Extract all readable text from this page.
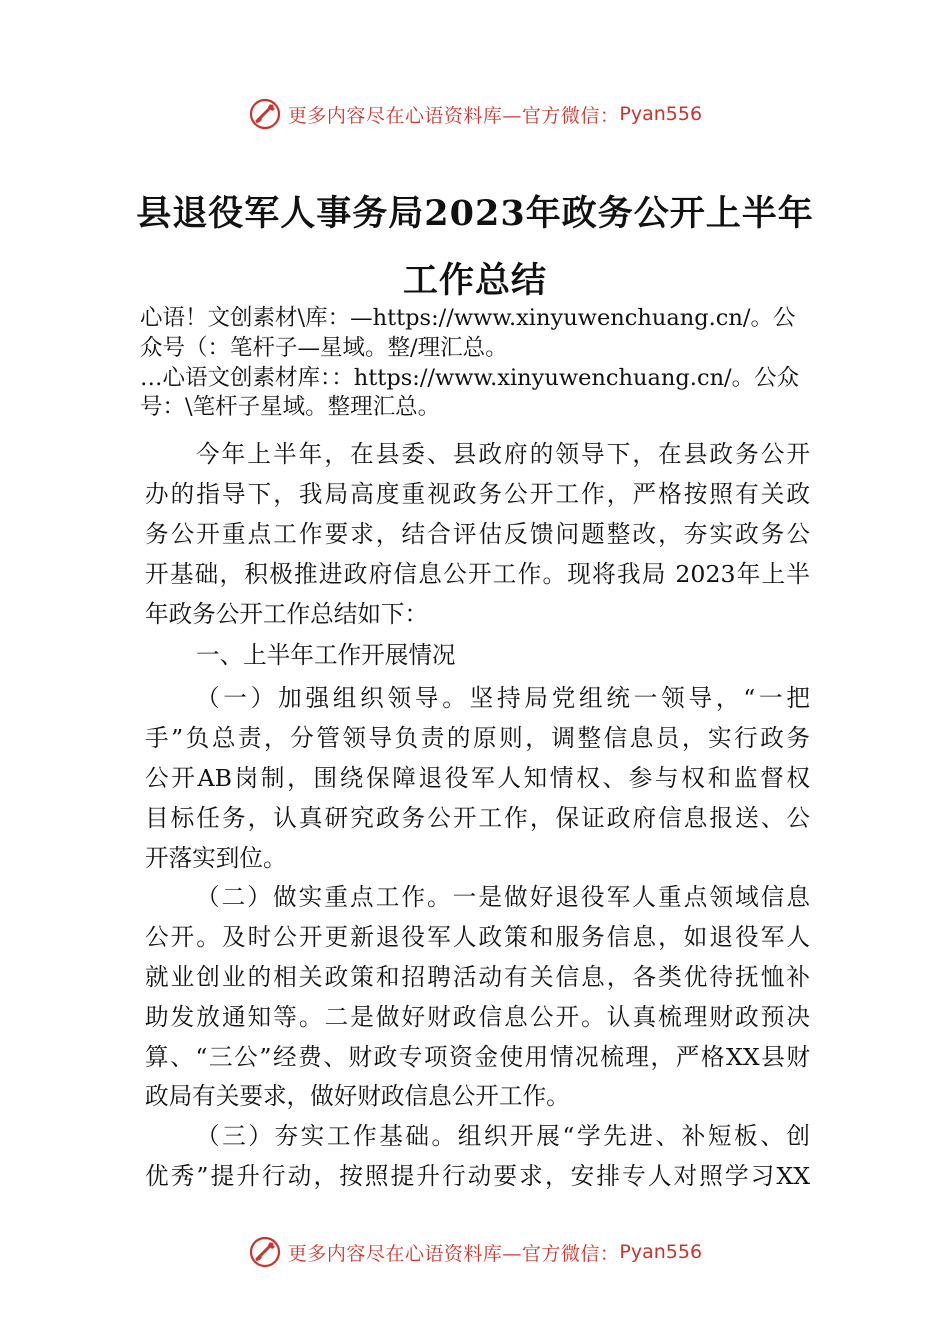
更多内容尽在心语资料库—官方微信： Pyan556
县退役军人事务局2023年政务公开上半年
工作总结
心语！文创素材\库：—https://www.xinyuwenchuang.cn/。公
众号（：笔杆子—星域。整/理汇总。
…心语文创素材库：：https://www.xinyuwenchuang.cn/。公众
号：\笔杆子星域。整理汇总。
今年上半年，在县委、县政府的领导下，在县政务公开
办的指导下，我局高度重视政务公开工作，严格按照有关政
务公开重点工作要求，结合评估反馈问题整改，夯实政务公
开基础，积极推进政府信息公开工作。现将我局 2023年上半
年政务公开工作总结如下：
一、上半年工作开展情况
（一）加强组织领导。坚持局党组统一领导，“一把
手”负总责，分管领导负责的原则，调整信息员，实行政务
公开AB岗制，围绕保障退役军人知情权、参与权和监督权
目标任务，认真研究政务公开工作，保证政府信息报送、公
开落实到位。
（二）做实重点工作。一是做好退役军人重点领域信息
公开。及时公开更新退役军人政策和服务信息，如退役军人
就业创业的相关政策和招聘活动有关信息，各类优待抚恤补
助发放通知等。二是做好财政信息公开。认真梳理财政预决
算、“三公”经费、财政专项资金使用情况梳理，严格XX县财
政局有关要求，做好财政信息公开工作。
（三）夯实工作基础。组织开展“学先进、补短板、创
优秀”提升行动，按照提升行动要求，安排专人对照学习XX
更多内容尽在心语资料库—官方微信： Pyan556
